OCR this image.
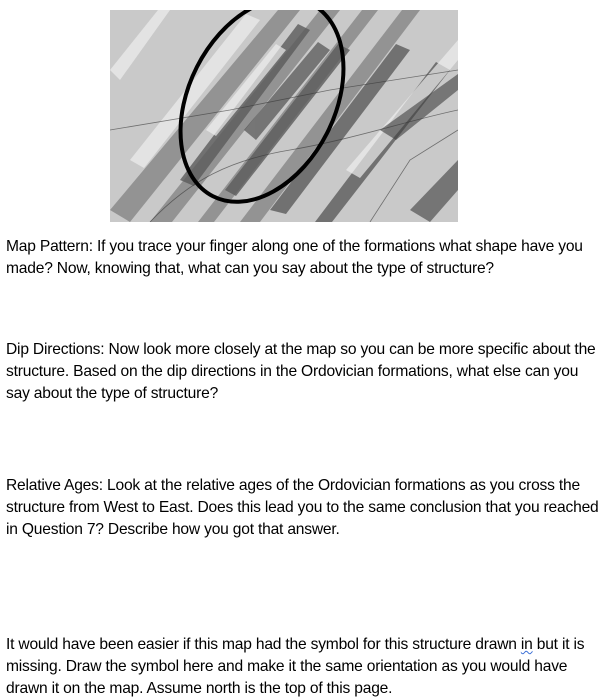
Map Pattern: If you trace your finger along one of the formations what shape have you made? Now, knowing that, what can you say about the type of structure?

Dip Directions: Now look more closely at the map so you can be more specific about the structure. Based on the dip directions in the Ordovician formations, what else can you say about the type of structure?

Relative Ages: Look at the relative ages of the Ordovician formations as you cross the structure from West to East. Does this lead you to the same conclusion that you reached in Question 7? Describe how you got that answer.

It would have been easier if this map had the symbol for this structure drawn in but it is missing. Draw the symbol here and make it the same orientation as you would have drawn it on the map. Assume north is the top of this page.
